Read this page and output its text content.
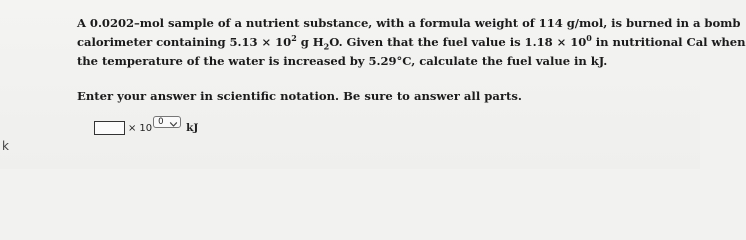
k
A 0.0202–mol sample of a nutrient substance, with a formula weight of 114 g/mol, is burned in a bomb
calorimeter containing $5.13 \times 10^2$ g $H_2O$. Given that the fuel value is $1.18 \times 10^0$ in nutritional Cal when
the temperature of the water is increased by 5.29°C, calculate the fuel value in kJ.
Enter your answer in scientific notation. Be sure to answer all parts.
× 10
0 kJ
